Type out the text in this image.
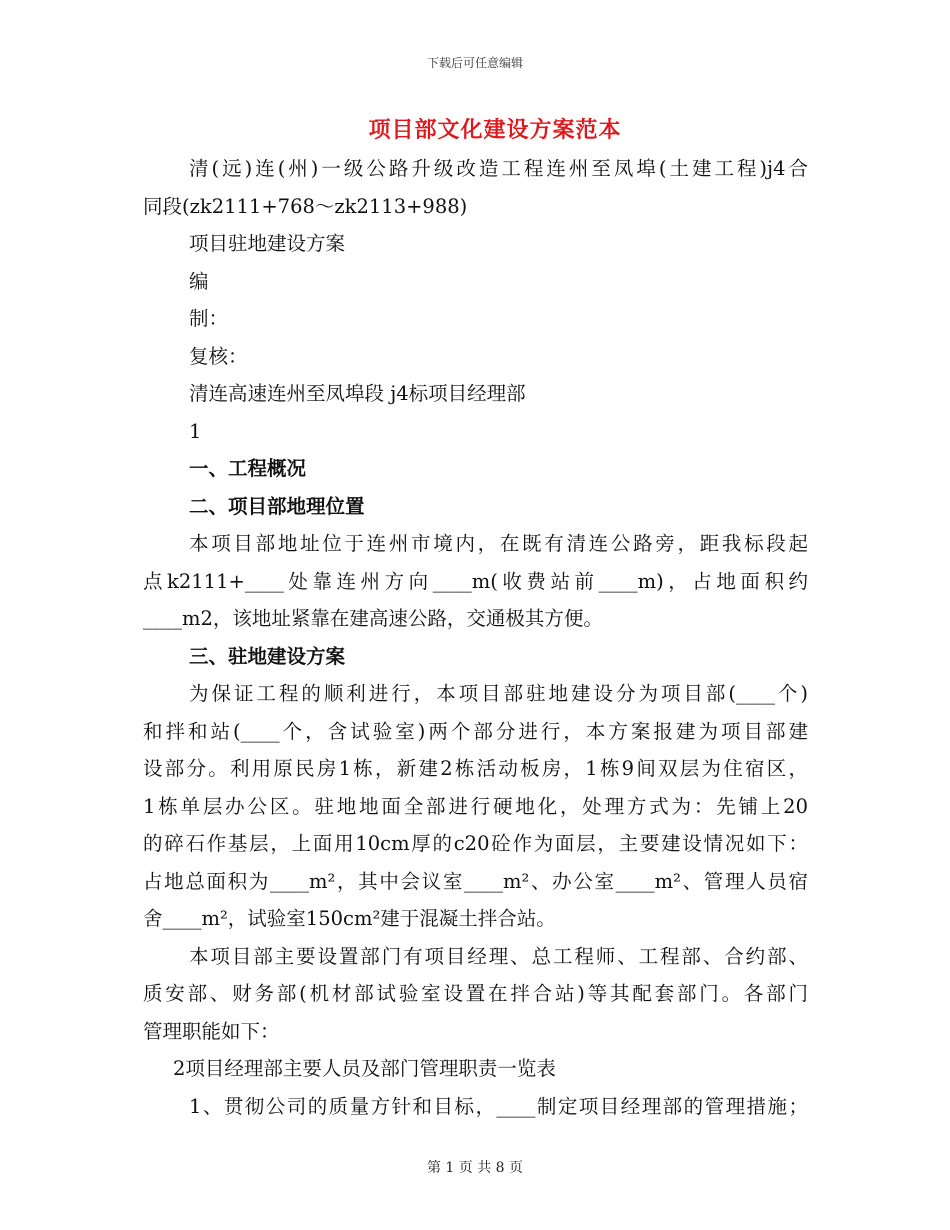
下载后可任意编辑
项目部文化建设方案范本

清(远)连(州)一级公路升级改造工程连州至凤埠(土建工程)j4合

同段(zk2111+768～zk2113+988)

项目驻地建设方案

编

制：

复核：

清连高速连州至凤埠段 j4标项目经理部

1

一、工程概况

二、项目部地理位置

本项目部地址位于连州市境内，在既有清连公路旁，距我标段起

点k2111+____处靠连州方向____m(收费站前____m)，占地面积约

____m2，该地址紧靠在建高速公路，交通极其方便。

三、驻地建设方案

为保证工程的顺利进行，本项目部驻地建设分为项目部(____个)

和拌和站(____个，含试验室)两个部分进行，本方案报建为项目部建

设部分。利用原民房1栋，新建2栋活动板房，1栋9间双层为住宿区，

1栋单层办公区。驻地地面全部进行硬地化，处理方式为：先铺上20

的碎石作基层，上面用10cm厚的c20砼作为面层，主要建设情况如下：

占地总面积为____m²，其中会议室____m²、办公室____m²、管理人员宿

舍____m²，试验室150cm²建于混凝土拌合站。

本项目部主要设置部门有项目经理、总工程师、工程部、合约部、

质安部、财务部(机材部试验室设置在拌合站)等其配套部门。各部门

管理职能如下：

2项目经理部主要人员及部门管理职责一览表

1、贯彻公司的质量方针和目标，____制定项目经理部的管理措施；

第 1 页 共 8 页
